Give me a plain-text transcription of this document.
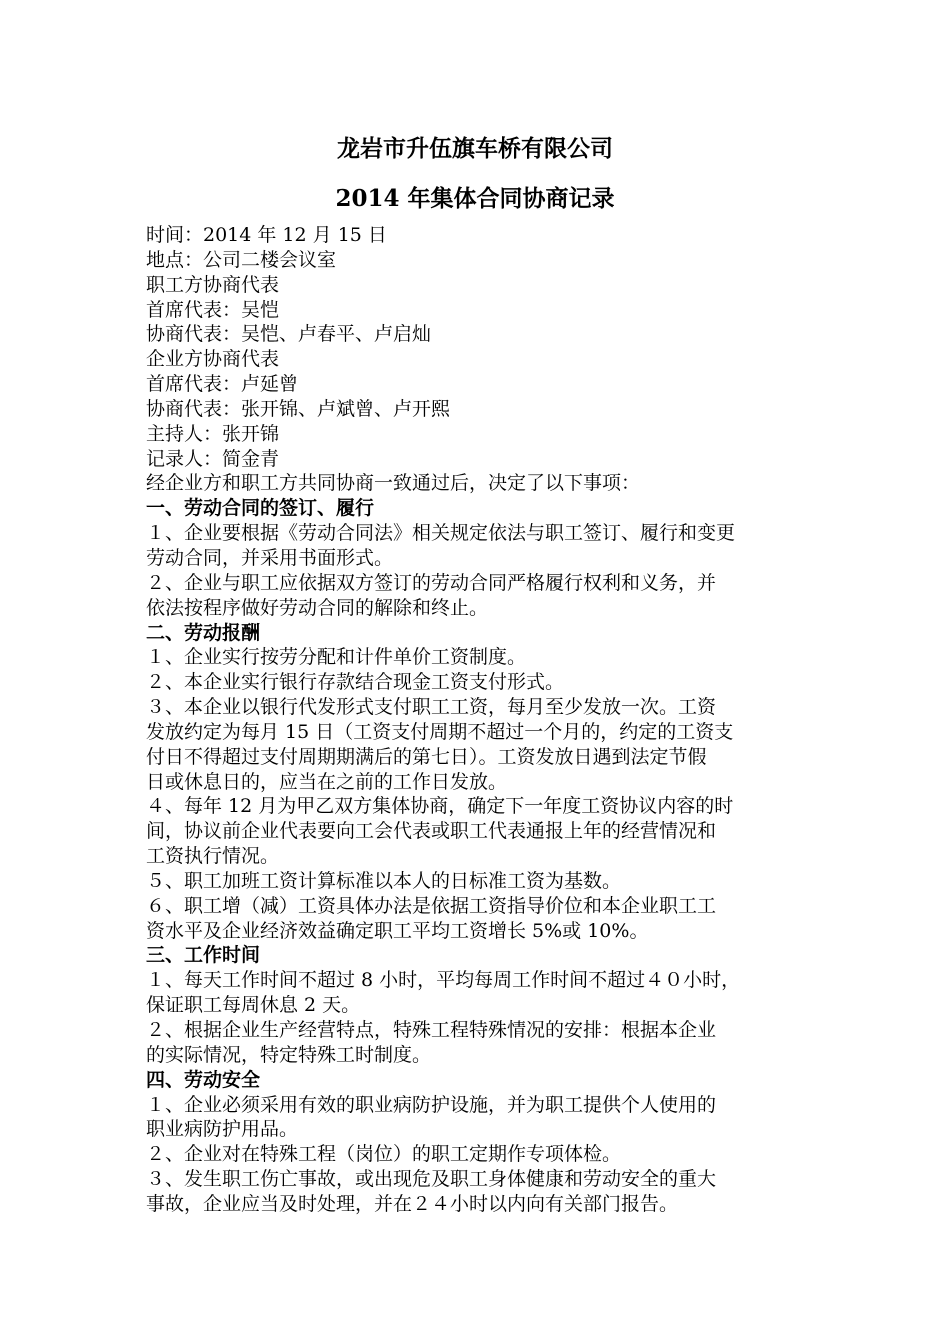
龙岩市升伍旗车桥有限公司
2014 年集体合同协商记录
时间：2014 年 12 月 15 日
地点：公司二楼会议室
职工方协商代表
首席代表：吴恺
协商代表：吴恺、卢春平、卢启灿
企业方协商代表
首席代表：卢延曾
协商代表：张开锦、卢斌曾、卢开熙
主持人：张开锦
记录人：简金青
经企业方和职工方共同协商一致通过后，决定了以下事项：
一、劳动合同的签订、履行
１、企业要根据《劳动合同法》相关规定依法与职工签订、履行和变更
劳动合同，并采用书面形式。
２、企业与职工应依据双方签订的劳动合同严格履行权利和义务，并
依法按程序做好劳动合同的解除和终止。
二、劳动报酬
１、企业实行按劳分配和计件单价工资制度。
２、本企业实行银行存款结合现金工资支付形式。
３、本企业以银行代发形式支付职工工资，每月至少发放一次。工资
发放约定为每月 15 日（工资支付周期不超过一个月的，约定的工资支
付日不得超过支付周期期满后的第七日）。工资发放日遇到法定节假
日或休息日的，应当在之前的工作日发放。
４、每年 12 月为甲乙双方集体协商，确定下一年度工资协议内容的时
间，协议前企业代表要向工会代表或职工代表通报上年的经营情况和
工资执行情况。
５、职工加班工资计算标准以本人的日标准工资为基数。
６、职工增（减）工资具体办法是依据工资指导价位和本企业职工工
资水平及企业经济效益确定职工平均工资增长 5%或 10%。
三、工作时间
１、每天工作时间不超过 8 小时，平均每周工作时间不超过４０小时，
保证职工每周休息 2 天。
２、根据企业生产经营特点，特殊工程特殊情况的安排：根据本企业
的实际情况，特定特殊工时制度。
四、劳动安全
１、企业必须采用有效的职业病防护设施，并为职工提供个人使用的
职业病防护用品。
２、企业对在特殊工程（岗位）的职工定期作专项体检。
３、发生职工伤亡事故，或出现危及职工身体健康和劳动安全的重大
事故，企业应当及时处理，并在２４小时以内向有关部门报告。
